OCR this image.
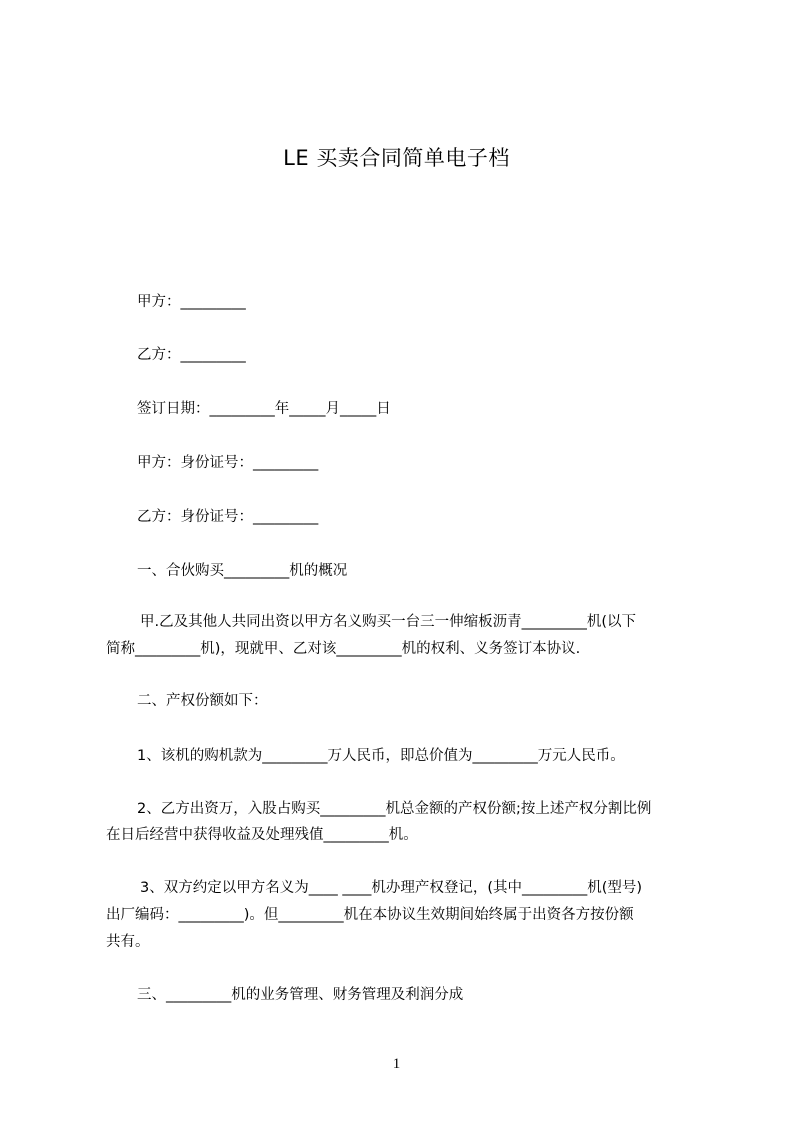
LE 买卖合同简单电子档
甲方：_________
乙方：_________
签订日期：_________年_____月_____日
甲方：身份证号：_________
乙方：身份证号：_________
一、合伙购买_________机的概况
甲.乙及其他人共同出资以甲方名义购买一台三一伸缩板沥青_________机(以下
简称_________机)，现就甲、乙对该_________机的权利、义务签订本协议.
二、产权份额如下：
1、该机的购机款为_________万人民币，即总价值为_________万元人民币。
2、乙方出资万，入股占购买_________机总金额的产权份额;按上述产权分割比例
在日后经营中获得收益及处理残值_________机。
3、双方约定以甲方名义为____ ____机办理产权登记，(其中_________机(型号)
出厂编码：_________)。但_________机在本协议生效期间始终属于出资各方按份额
共有。
三、_________机的业务管理、财务管理及利润分成
1
